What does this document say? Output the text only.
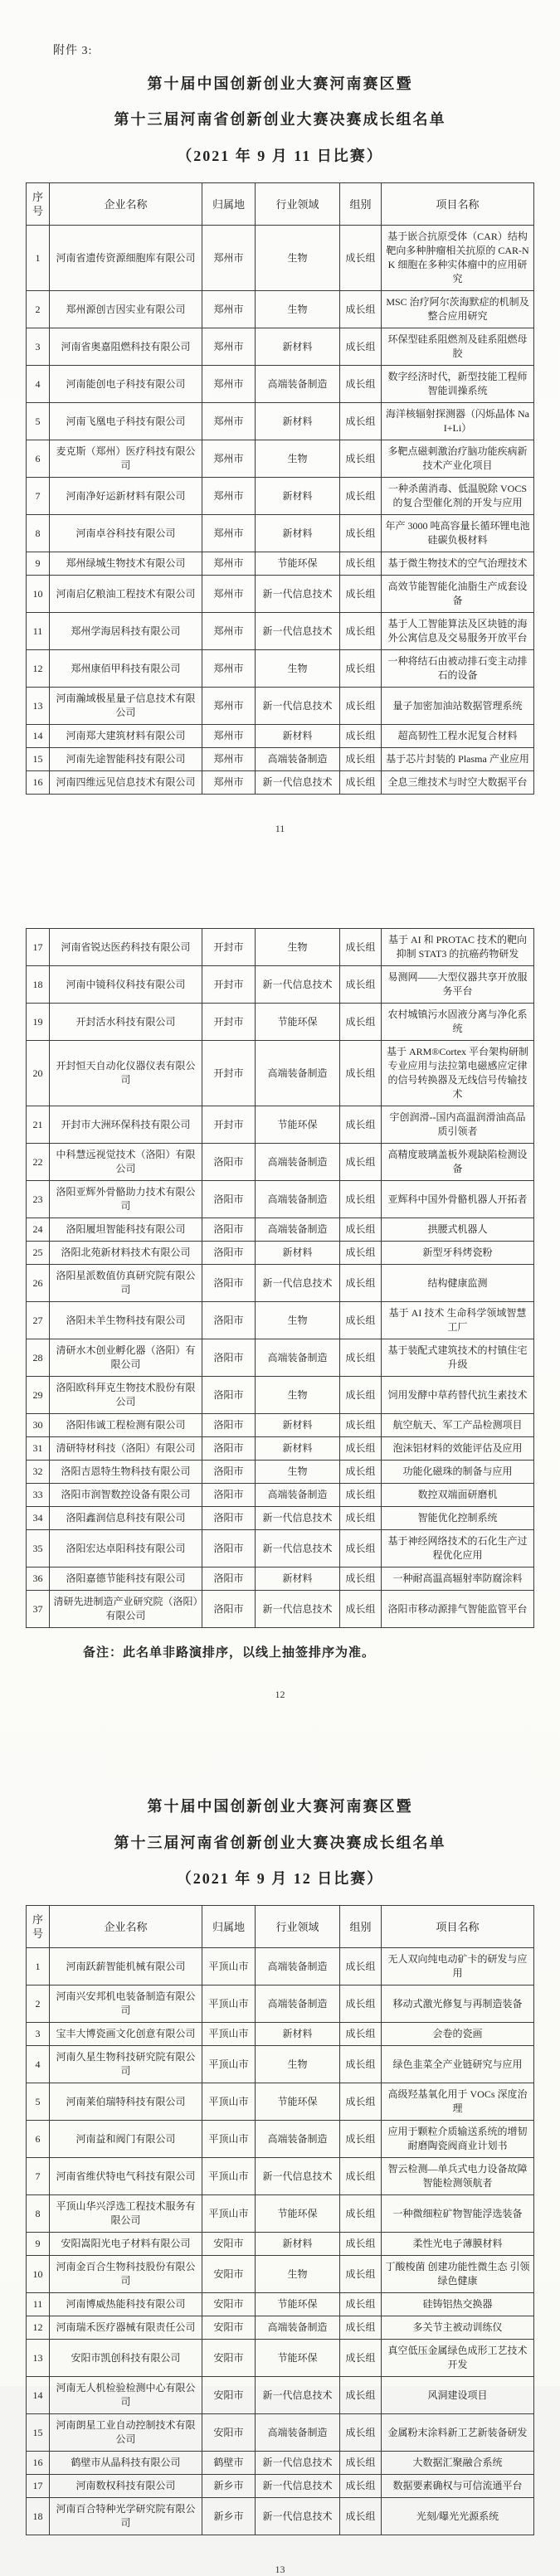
附件 3:
第十届中国创新创业大赛河南赛区暨
第十三届河南省创新创业大赛决赛成长组名单
（2021 年 9 月 11 日比赛）
序号	企业名称	归属地	行业领域	组别	项目名称
1	河南省遗传资源细胞库有限公司	郑州市	生物	成长组	基于嵌合抗原受体（CAR）结构靶向多种肿瘤相关抗原的 CAR-NK 细胞在多种实体瘤中的应用研究
2	郑州源创吉因实业有限公司	郑州市	生物	成长组	MSC 治疗阿尔茨海默症的机制及整合应用研究
3	河南省奥嘉阻燃科技有限公司	郑州市	新材料	成长组	环保型硅系阻燃剂及硅系阻燃母胶
4	河南能创电子科技有限公司	郑州市	高端装备制造	成长组	数字经济时代，新型技能工程师智能训操系统
5	河南飞凰电子科技有限公司	郑州市	新材料	成长组	海洋核辐射探测器（闪烁晶体 NaI+Li）
6	麦克斯（郑州）医疗科技有限公司	郑州市	生物	成长组	多靶点磁刺激治疗脑功能疾病新技术产业化项目
7	河南净好运新材料有限公司	郑州市	新材料	成长组	一种杀菌消毒、低温脱除 VOCS 的复合型催化剂的开发与应用
8	河南卓谷科技有限公司	郑州市	新材料	成长组	年产 3000 吨高容量长循环锂电池硅碳负极材料
9	郑州绿城生物技术有限公司	郑州市	节能环保	成长组	基于微生物技术的空气治理技术
10	河南启亿粮油工程技术有限公司	郑州市	新一代信息技术	成长组	高效节能智能化油脂生产成套设备
11	郑州学海居科技有限公司	郑州市	新一代信息技术	成长组	基于人工智能算法及区块链的海外公寓信息及交易服务开放平台
12	郑州康佰甲科技有限公司	郑州市	生物	成长组	一种将结石由被动排石变主动排石的设备
13	河南瀚域极星量子信息技术有限公司	郑州市	新一代信息技术	成长组	量子加密加油站数据管理系统
14	河南郑大建筑材料有限公司	郑州市	新材料	成长组	超高韧性工程水泥复合材料
15	河南先途智能科技有限公司	郑州市	高端装备制造	成长组	基于芯片封装的 Plasma 产业应用
16	河南四维远见信息技术有限公司	郑州市	新一代信息技术	成长组	全息三维技术与时空大数据平台
11
17	河南省锐达医药科技有限公司	开封市	生物	成长组	基于 AI 和 PROTAC 技术的靶向抑制 STAT3 的抗癌药物研发
18	河南中镜科仪科技有限公司	开封市	新一代信息技术	成长组	易测网——大型仪器共享开放服务平台
19	开封活水科技有限公司	开封市	节能环保	成长组	农村城镇污水固液分离与净化系统
20	开封恒天自动化仪器仪表有限公司	开封市	高端装备制造	成长组	基于 ARM®Cortex 平台架构研制专业应用与法拉第电磁感应定律的信号转换器及无线信号传输技术
21	开封市大洲环保科技有限公司	开封市	节能环保	成长组	宇创润滑--国内高温润滑油高品质引领者
22	中科慧远视觉技术（洛阳）有限公司	洛阳市	高端装备制造	成长组	高精度玻璃盖板外观缺陷检测设备
23	洛阳亚辉外骨骼助力技术有限公司	洛阳市	高端装备制造	成长组	亚辉科中国外骨骼机器人开拓者
24	洛阳履坦智能科技有限公司	洛阳市	高端装备制造	成长组	拱腰式机器人
25	洛阳北苑新材料技术有限公司	洛阳市	新材料	成长组	新型牙科烤瓷粉
26	洛阳星派数值仿真研究院有限公司	洛阳市	新一代信息技术	成长组	结构健康监测
27	洛阳未羊生物科技有限公司	洛阳市	生物	成长组	基于 AI 技术 生命科学领域智慧工厂
28	清研水木创业孵化器（洛阳）有限公司	洛阳市	高端装备制造	成长组	基于装配式建筑技术的村镇住宅升级
29	洛阳欧科拜克生物技术股份有限公司	洛阳市	生物	成长组	饲用发酵中草药替代抗生素技术
30	洛阳伟诚工程检测有限公司	洛阳市	新材料	成长组	航空航天、军工产品检测项目
31	清研特材科技（洛阳）有限公司	洛阳市	新材料	成长组	泡沫铝材料的效能评估及应用
32	洛阳吉恩特生物科技有限公司	洛阳市	生物	成长组	功能化磁珠的制备与应用
33	洛阳市润智数控设备有限公司	洛阳市	高端装备制造	成长组	数控双端面研磨机
34	洛阳鑫润信息科技有限公司	洛阳市	新一代信息技术	成长组	智能优化控制系统
35	洛阳宏达卓阳科技有限公司	洛阳市	新一代信息技术	成长组	基于神经网络技术的石化生产过程优化应用
36	洛阳嘉德节能科技有限公司	洛阳市	新材料	成长组	一种耐高温高辐射率防腐涂料
37	清研先进制造产业研究院（洛阳）有限公司	洛阳市	新一代信息技术	成长组	洛阳市移动源排气智能监管平台
备注：此名单非路演排序，以线上抽签排序为准。
12
第十届中国创新创业大赛河南赛区暨
第十三届河南省创新创业大赛决赛成长组名单
（2021 年 9 月 12 日比赛）
序号	企业名称	归属地	行业领域	组别	项目名称
1	河南跃薪智能机械有限公司	平顶山市	高端装备制造	成长组	无人双向纯电动矿卡的研发与应用
2	河南兴安邦机电装备制造有限公司	平顶山市	高端装备制造	成长组	移动式激光修复与再制造装备
3	宝丰大博瓷画文化创意有限公司	平顶山市	新材料	成长组	会卷的瓷画
4	河南久星生物科技研究院有限公司	平顶山市	生物	成长组	绿色韭菜全产业链研究与应用
5	河南莱伯瑞特科技有限公司	平顶山市	节能环保	成长组	高级羟基氧化用于 VOCs 深度治理
6	河南益和阀门有限公司	平顶山市	高端装备制造	成长组	应用于颗粒介质输送系统的增韧耐磨陶瓷阀商业计划书
7	河南省维伏特电气科技有限公司	平顶山市	新一代信息技术	成长组	智云检测—单兵式电力设备故障智能检测领航者
8	平顶山华兴浮选工程技术服务有限公司	平顶山市	节能环保	成长组	一种微细粒矿物智能浮选装备
9	安阳嵩阳光电子材料有限公司	安阳市	新材料	成长组	柔性光电子薄膜材料
10	河南金百合生物科技股份有限公司	安阳市	生物	成长组	丁酸梭菌 创建功能性微生态 引领绿色健康
11	河南博威热能科技有限公司	安阳市	节能环保	成长组	硅铸铝热交换器
12	河南瑞禾医疗器械有限责任公司	安阳市	高端装备制造	成长组	多关节主被动训练仪
13	安阳市凯创科技有限公司	安阳市	节能环保	成长组	真空低压金属绿色成形工艺技术开发
14	河南无人机检验检测中心有限公司	安阳市	新一代信息技术	成长组	风洞建设项目
15	河南朗星工业自动控制技术有限公司	安阳市	高端装备制造	成长组	金属粉末涂料新工艺新装备研发
16	鹤壁市从晶科技有限公司	鹤壁市	新一代信息技术	成长组	大数据汇聚融合系统
17	河南数权科技有限公司	新乡市	新一代信息技术	成长组	数据要素确权与可信流通平台
18	河南百合特种光学研究院有限公司	新乡市	新一代信息技术	成长组	光刻/曝光光源系统
13
